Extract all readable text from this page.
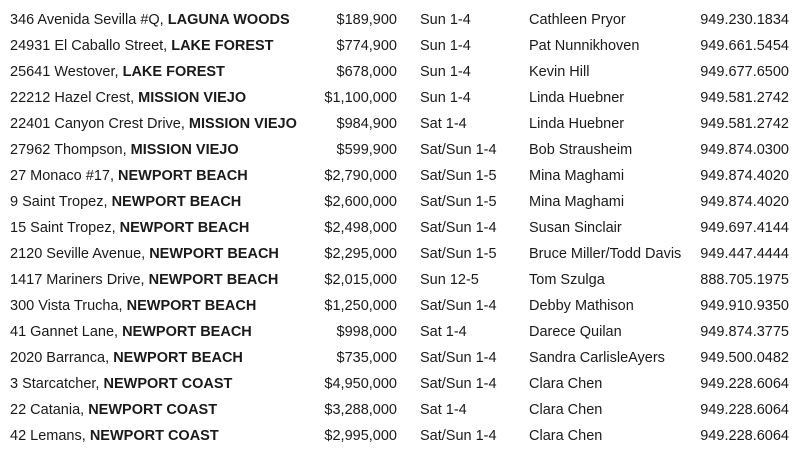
346 Avenida Sevilla #Q, LAGUNA WOODS	$189,900 Sun 1-4	Cathleen Pryor	949.230.1834
24931 El Caballo Street, LAKE FOREST	$774,900 Sun 1-4	Pat Nunnikhoven	949.661.5454
25641 Westover, LAKE FOREST	$678,000 Sun 1-4	Kevin Hill	949.677.6500
22212 Hazel Crest, MISSION VIEJO	$1,100,000 Sun 1-4	Linda Huebner	949.581.2742
22401 Canyon Crest Drive, MISSION VIEJO	$984,900 Sat 1-4	Linda Huebner	949.581.2742
27962 Thompson, MISSION VIEJO	$599,900 Sat/Sun 1-4 Bob Strausheim	949.874.0300
27 Monaco #17, NEWPORT BEACH	$2,790,000 Sat/Sun 1-5 Mina Maghami	949.874.4020
9 Saint Tropez, NEWPORT BEACH	$2,600,000 Sat/Sun 1-5 Mina Maghami	949.874.4020
15 Saint Tropez, NEWPORT BEACH	$2,498,000 Sat/Sun 1-4 Susan Sinclair	949.697.4144
2120 Seville Avenue, NEWPORT BEACH	$2,295,000 Sat/Sun 1-5 Bruce Miller/Todd Davis 949.447.4444
1417 Mariners Drive, NEWPORT BEACH	$2,015,000 Sun 12-5	Tom Szulga	888.705.1975
300 Vista Trucha, NEWPORT BEACH	$1,250,000 Sat/Sun 1-4 Debby Mathison	949.910.9350
41 Gannet Lane, NEWPORT BEACH	$998,000 Sat 1-4	Darece Quilan	949.874.3775
2020 Barranca, NEWPORT BEACH	$735,000 Sat/Sun 1-4 Sandra CarlisleAyers 949.500.0482
3 Starcatcher, NEWPORT COAST	$4,950,000 Sat/Sun 1-4 Clara Chen	949.228.6064
22 Catania, NEWPORT COAST	$3,288,000 Sat 1-4	Clara Chen	949.228.6064
42 Lemans, NEWPORT COAST	$2,995,000 Sat/Sun 1-4 Clara Chen	949.228.6064
